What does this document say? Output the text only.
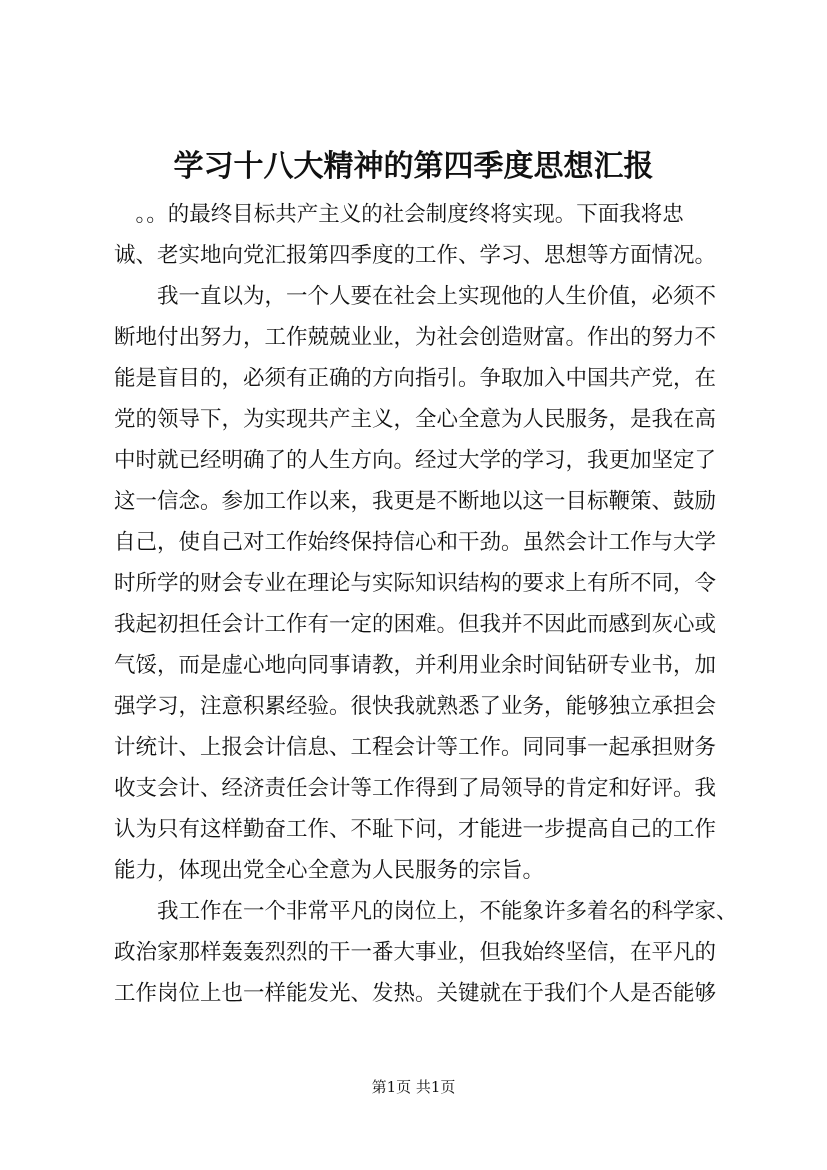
学习十八大精神的第四季度思想汇报
　。。的最终目标共产主义的社会制度终将实现。下面我将忠
诚、老实地向党汇报第四季度的工作、学习、思想等方面情况。
　　我一直以为，一个人要在社会上实现他的人生价值，必须不
断地付出努力，工作兢兢业业，为社会创造财富。作出的努力不
能是盲目的，必须有正确的方向指引。争取加入中国共产党，在
党的领导下，为实现共产主义，全心全意为人民服务，是我在高
中时就已经明确了的人生方向。经过大学的学习，我更加坚定了
这一信念。参加工作以来，我更是不断地以这一目标鞭策、鼓励
自己，使自己对工作始终保持信心和干劲。虽然会计工作与大学
时所学的财会专业在理论与实际知识结构的要求上有所不同，令
我起初担任会计工作有一定的困难。但我并不因此而感到灰心或
气馁，而是虚心地向同事请教，并利用业余时间钻研专业书，加
强学习，注意积累经验。很快我就熟悉了业务，能够独立承担会
计统计、上报会计信息、工程会计等工作。同同事一起承担财务
收支会计、经济责任会计等工作得到了局领导的肯定和好评。我
认为只有这样勤奋工作、不耻下问，才能进一步提高自己的工作
能力，体现出党全心全意为人民服务的宗旨。
　　我工作在一个非常平凡的岗位上，不能象许多着名的科学家、
政治家那样轰轰烈烈的干一番大事业，但我始终坚信，在平凡的
工作岗位上也一样能发光、发热。关键就在于我们个人是否能够
第1页 共1页
